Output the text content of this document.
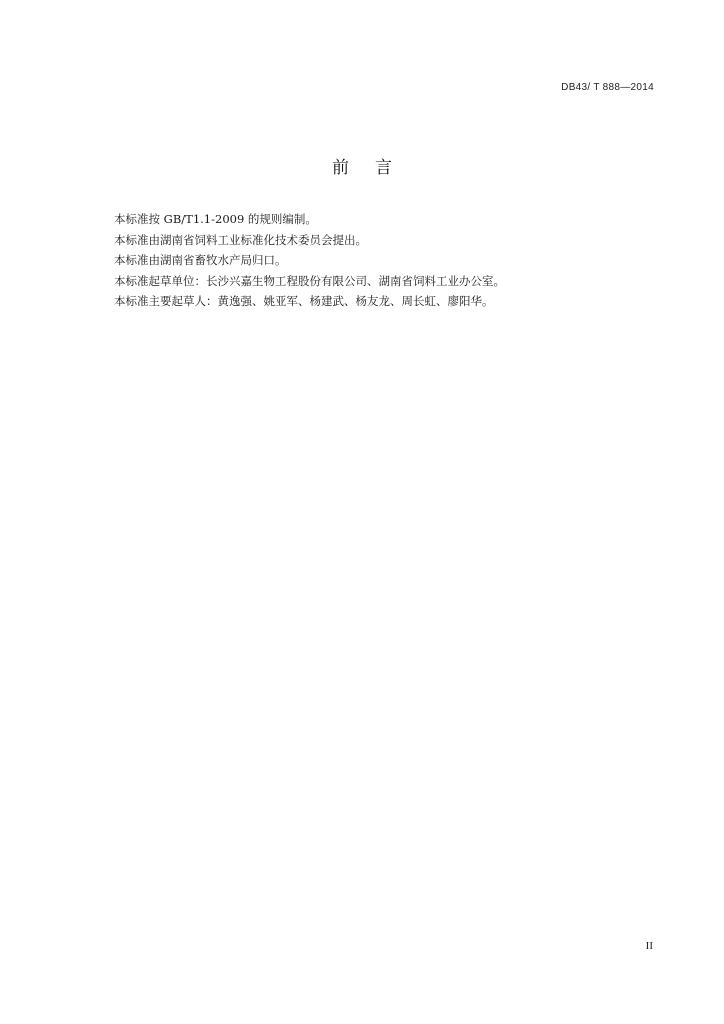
DB43/ T 888—2014
前言
本标准按 GB/T1.1-2009 的规则编制。
本标准由湖南省饲料工业标准化技术委员会提出。
本标准由湖南省畜牧水产局归口。
本标准起草单位：长沙兴嘉生物工程股份有限公司、湖南省饲料工业办公室。
本标准主要起草人：黄逸强、姚亚军、杨建武、杨友龙、周长虹、廖阳华。
II
